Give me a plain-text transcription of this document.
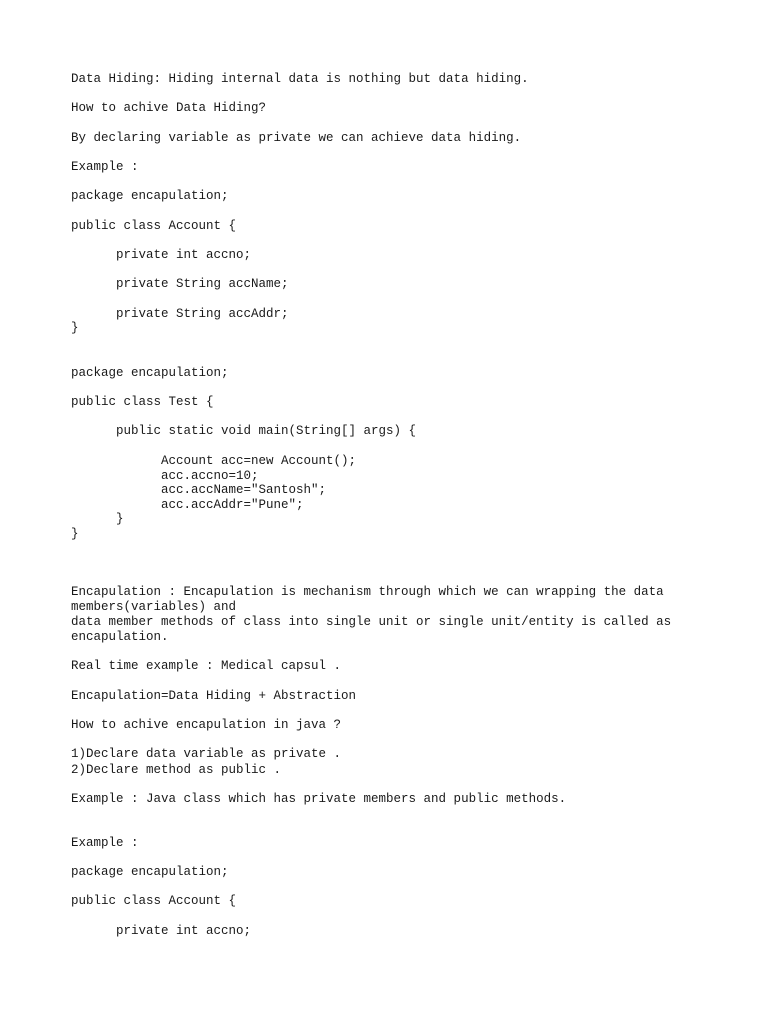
Data Hiding: Hiding internal data is nothing but data hiding.

How to achive Data Hiding?

By declaring variable as private we can achieve data hiding.

Example :

package encapulation;

public class Account {

private int accno;

private String accName;

private String accAddr;

}

package encapulation;

public class Test {

public static void main(String[] args) {

Account acc=new Account();

acc.accno=10;

acc.accName="Santosh";

acc.accAddr="Pune";

}

}

Encapulation : Encapulation is mechanism through which we can wrapping the data

members(variables) and

data member methods of class into single unit or single unit/entity is called as

encapulation.

Real time example : Medical capsul .

Encapulation=Data Hiding + Abstraction

How to achive encapulation in java ?

1)Declare data variable as private .

2)Declare method as public .

Example : Java class which has private members and public methods.

Example :

package encapulation;

public class Account {

private int accno;
